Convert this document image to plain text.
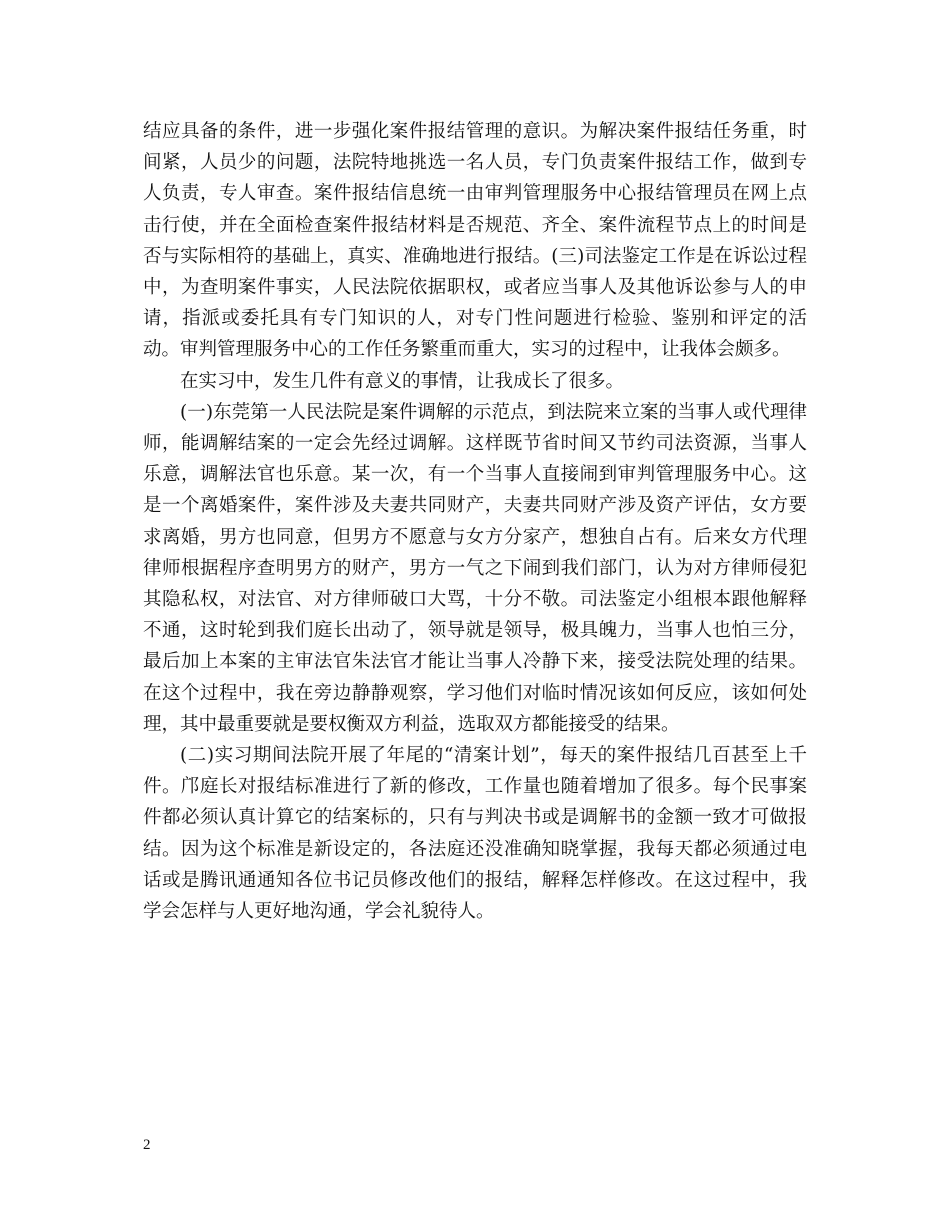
结应具备的条件，进一步强化案件报结管理的意识。为解决案件报结任务重，时间紧，人员少的问题，法院特地挑选一名人员，专门负责案件报结工作，做到专人负责，专人审查。案件报结信息统一由审判管理服务中心报结管理员在网上点击行使，并在全面检查案件报结材料是否规范、齐全、案件流程节点上的时间是否与实际相符的基础上，真实、准确地进行报结。(三)司法鉴定工作是在诉讼过程中，为查明案件事实，人民法院依据职权，或者应当事人及其他诉讼参与人的申请，指派或委托具有专门知识的人，对专门性问题进行检验、鉴别和评定的活动。审判管理服务中心的工作任务繁重而重大，实习的过程中，让我体会颇多。

在实习中，发生几件有意义的事情，让我成长了很多。

(一)东莞第一人民法院是案件调解的示范点，到法院来立案的当事人或代理律师，能调解结案的一定会先经过调解。这样既节省时间又节约司法资源，当事人乐意，调解法官也乐意。某一次，有一个当事人直接闹到审判管理服务中心。这是一个离婚案件，案件涉及夫妻共同财产，夫妻共同财产涉及资产评估，女方要求离婚，男方也同意，但男方不愿意与女方分家产，想独自占有。后来女方代理律师根据程序查明男方的财产，男方一气之下闹到我们部门，认为对方律师侵犯其隐私权，对法官、对方律师破口大骂，十分不敬。司法鉴定小组根本跟他解释不通，这时轮到我们庭长出动了，领导就是领导，极具魄力，当事人也怕三分，最后加上本案的主审法官朱法官才能让当事人冷静下来，接受法院处理的结果。在这个过程中，我在旁边静静观察，学习他们对临时情况该如何反应，该如何处理，其中最重要就是要权衡双方利益，选取双方都能接受的结果。

(二)实习期间法院开展了年尾的“清案计划”，每天的案件报结几百甚至上千件。邝庭长对报结标准进行了新的修改，工作量也随着增加了很多。每个民事案件都必须认真计算它的结案标的，只有与判决书或是调解书的金额一致才可做报结。因为这个标准是新设定的，各法庭还没准确知晓掌握，我每天都必须通过电话或是腾讯通通知各位书记员修改他们的报结，解释怎样修改。在这过程中，我学会怎样与人更好地沟通，学会礼貌待人。

2
